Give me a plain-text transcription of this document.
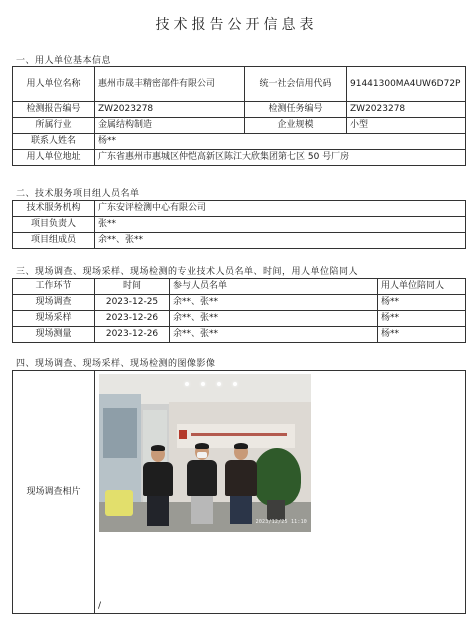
技术报告公开信息表
一、用人单位基本信息
用人单位名称	惠州市晟丰精密部件有限公司	统一社会信用代码	91441300MA4UW6D72P
检测报告编号	ZW2023278	检测任务编号	ZW2023278
所属行业	金属结构制造	企业规模	小型
联系人姓名	杨**		
用人单位地址	广东省惠州市惠城区仲恺高新区陈江大欣集团第七区 50 号厂房		
二、技术服务项目组人员名单
技术服务机构	广东安评检测中心有限公司
项目负责人	张**
项目组成员	余**、张**
三、现场调查、现场采样、现场检测的专业技术人员名单、时间，用人单位陪同人
工作环节	时间	参与人员名单	用人单位陪同人
现场调查	2023-12-25	余**、张**	杨**
现场采样	2023-12-26	余**、张**	杨**
现场测量	2023-12-26	余**、张**	杨**
四、现场调查、现场采样、现场检测的图像影像
现场调查相片	
2023/12/25 11:10
/
